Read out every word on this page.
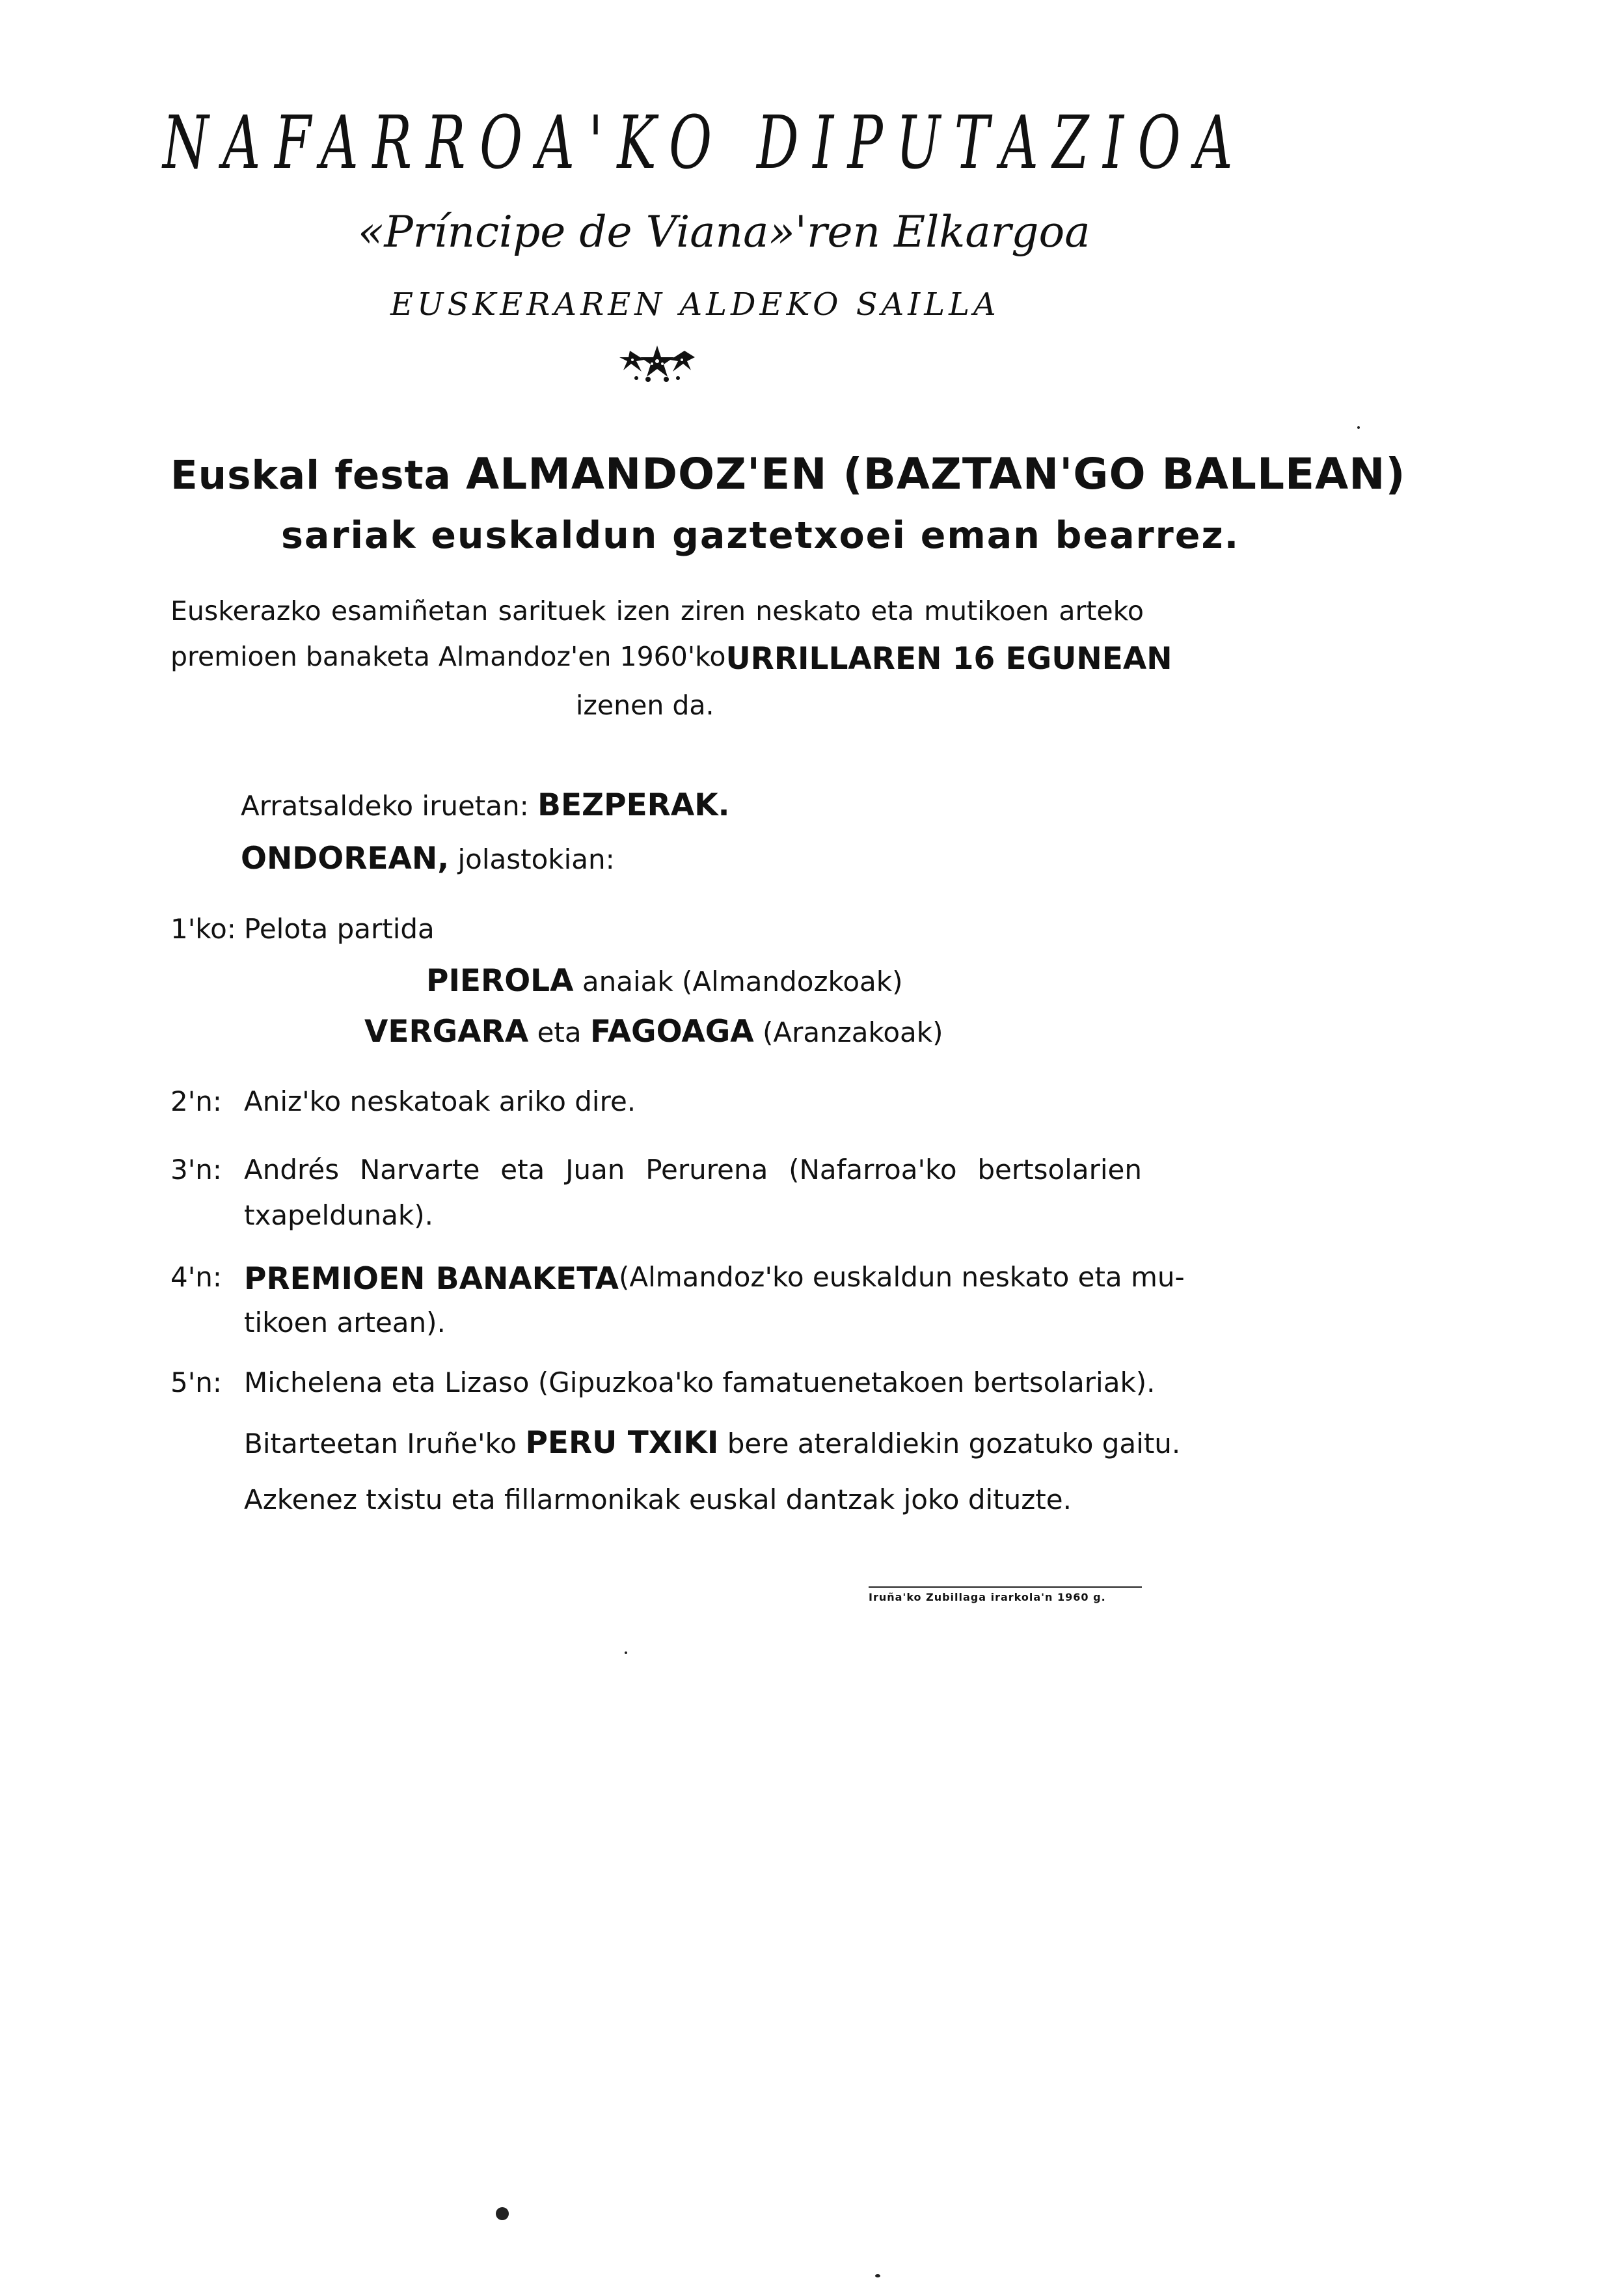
NAFARROA'KO DIPUTAZIOA
«Príncipe de Viana»'ren Elkargoa
EUSKERAREN ALDEKO SAILLA
Euskal festa ALMANDOZ'EN (BAZTAN'GO BALLEAN)
sariak euskaldun gaztetxoei eman bearrez.
Euskerazko esamiñetan sarituek izen ziren neskato eta mutikoen arteko
premioen banaketa Almandoz'en 1960'ko URRILLAREN 16 EGUNEAN
izenen da.
Arratsaldeko iruetan: BEZPERAK.
ONDOREAN, jolastokian:
1'ko: Pelota partida
PIEROLA anaiak (Almandozkoak)
VERGARA eta FAGOAGA (Aranzakoak)
2'n: Aniz'ko neskatoak ariko dire.
3'n: Andrés Narvarte eta Juan Perurena (Nafarroa'ko bertsolarien
txapeldunak).
4'n: PREMIOEN BANAKETA (Almandoz'ko euskaldun neskato eta mu-
tikoen artean).
5'n: Michelena eta Lizaso (Gipuzkoa'ko famatuenetakoen bertsolariak).
Bitarteetan Iruñe'ko PERU TXIKI bere ateraldiekin gozatuko gaitu.
Azkenez txistu eta fillarmonikak euskal dantzak joko dituzte.
Iruña'ko Zubillaga irarkola'n 1960 g.
